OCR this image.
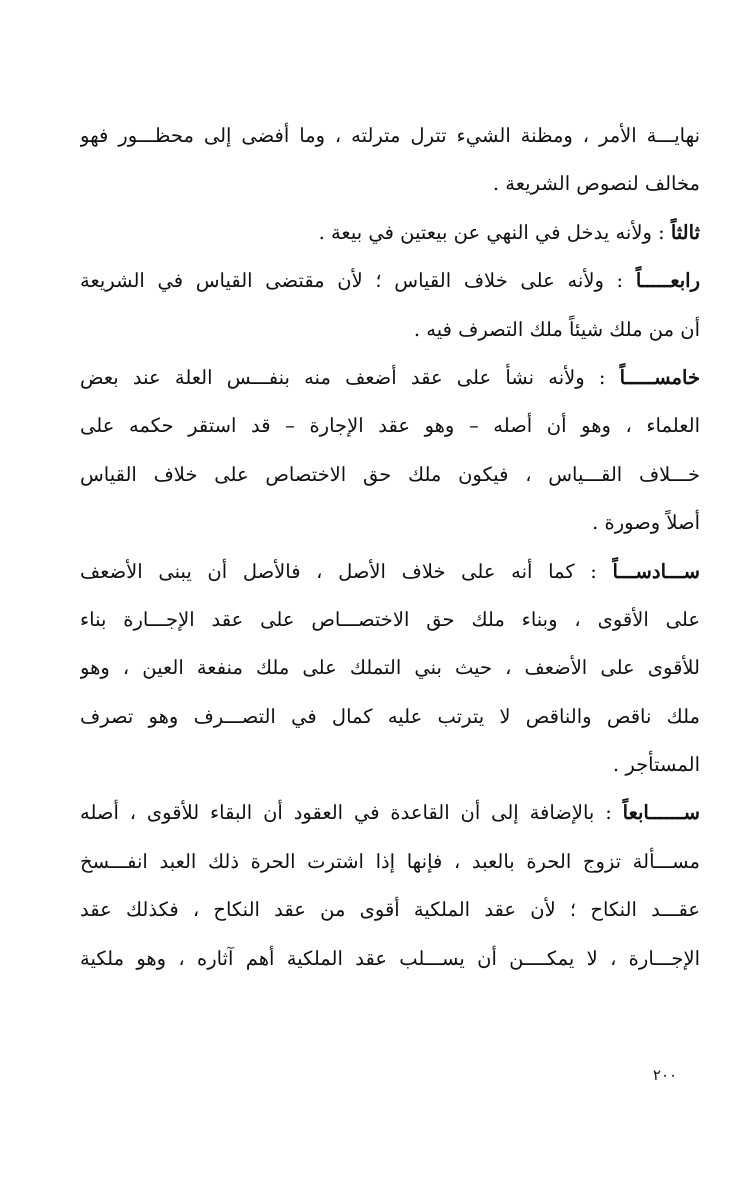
نهايـــة الأمر ، ومظنة الشيء تترل مترلته ، وما أفضى إلى محظـــور فهو
مخالف لنصوص الشريعة .
ثالثاً : ولأنه يدخل في النهي عن بيعتين في بيعة .
رابعـــــاً : ولأنه على خلاف القياس ؛ لأن مقتضى القياس في الشريعة
أن من ملك شيئاً ملك التصرف فيه .
خامســـــاً : ولأنه نشأ على عقد أضعف منه بنفـــس العلة عند بعض
العلماء ، وهو أن أصله – وهو عقد الإجارة – قد استقر حكمه على
خـــلاف القـــياس ، فيكون ملك حق الاختصاص على خلاف القياس
أصلاً وصورة .
ســـادســـاً : كما أنه على خلاف الأصل ، فالأصل أن يبنى الأضعف
على الأقوى ، وبناء ملك حق الاختصـــاص على عقد الإجـــارة بناء
للأقوى على الأضعف ، حيث بني التملك على ملك منفعة العين ، وهو
ملك ناقص والناقص لا يترتب عليه كمال في التصـــرف وهو تصرف
المستأجر .
ســــــابعاً : بالإضافة إلى أن القاعدة في العقود أن البقاء للأقوى ، أصله
مســـألة تزوج الحرة بالعبد ، فإنها إذا اشترت الحرة ذلك العبد انفـــسخ
عقـــد النكاح ؛ لأن عقد الملكية أقوى من عقد النكاح ، فكذلك عقد
الإجـــارة ، لا يمكــــن أن يســـلب عقد الملكية أهم آثاره ، وهو ملكية
٢٠٠
